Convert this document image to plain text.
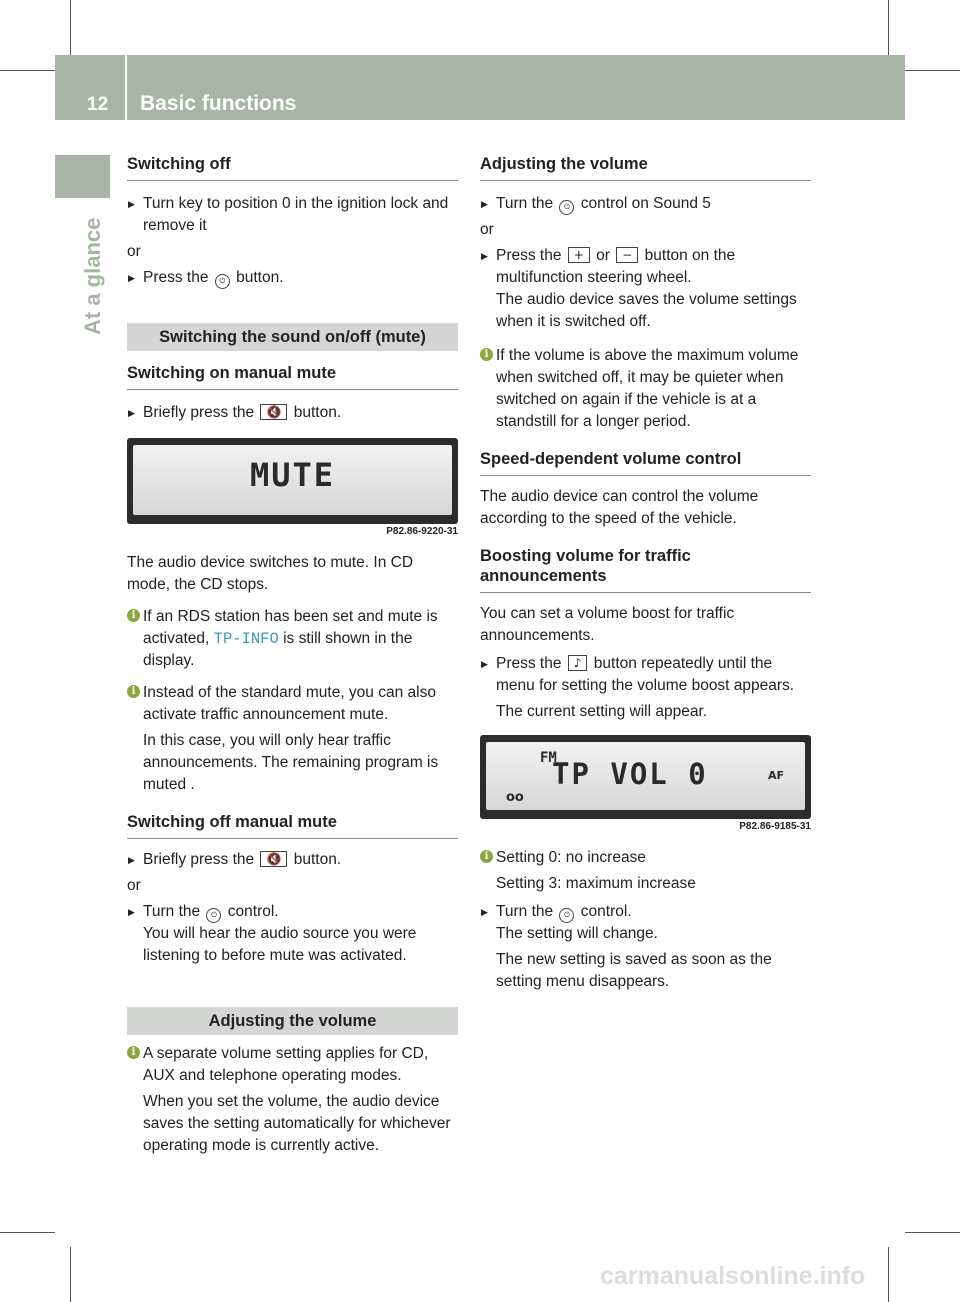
12 Basic functions
At a glance
Switching off

▶ Turn key to position 0 in the ignition lock and remove it

or

▶ Press the ⏻ button.

Switching the sound on/off (mute)
Switching on manual mute

▶ Briefly press the 🔇 button.

MUTE
P82.86-9220-31

The audio device switches to mute. In CD mode, the CD stops.

i If an RDS station has been set and mute is activated, TP-INFO is still shown in the display.

i Instead of the standard mute, you can also activate traffic announcement mute.

In this case, you will only hear traffic announcements. The remaining program is muted .

Switching off manual mute

▶ Briefly press the 🔇 button.

or

▶ Turn the ⏻ control.

You will hear the audio source you were listening to before mute was activated.

Adjusting the volume

i A separate volume setting applies for CD, AUX and telephone operating modes.

When you set the volume, the audio device saves the setting automatically for whichever operating mode is currently active.

Adjusting the volume

▶ Turn the ⏻ control on Sound 5

or

▶ Press the + or − button on the multifunction steering wheel.

The audio device saves the volume settings when it is switched off.

i If the volume is above the maximum volume when switched off, it may be quieter when switched on again if the vehicle is at a standstill for a longer period.

Speed-dependent volume control

The audio device can control the volume according to the speed of the vehicle.

Boosting volume for traffic announcements

You can set a volume boost for traffic announcements.

▶ Press the ♪ button repeatedly until the menu for setting the volume boost appears.

The current setting will appear.

FM
TP VOL 0	AF
oo
P82.86-9185-31

i Setting 0: no increase

Setting 3: maximum increase

▶ Turn the ⏻ control.

The setting will change.

The new setting is saved as soon as the setting menu disappears.

carmanualsonline.info
